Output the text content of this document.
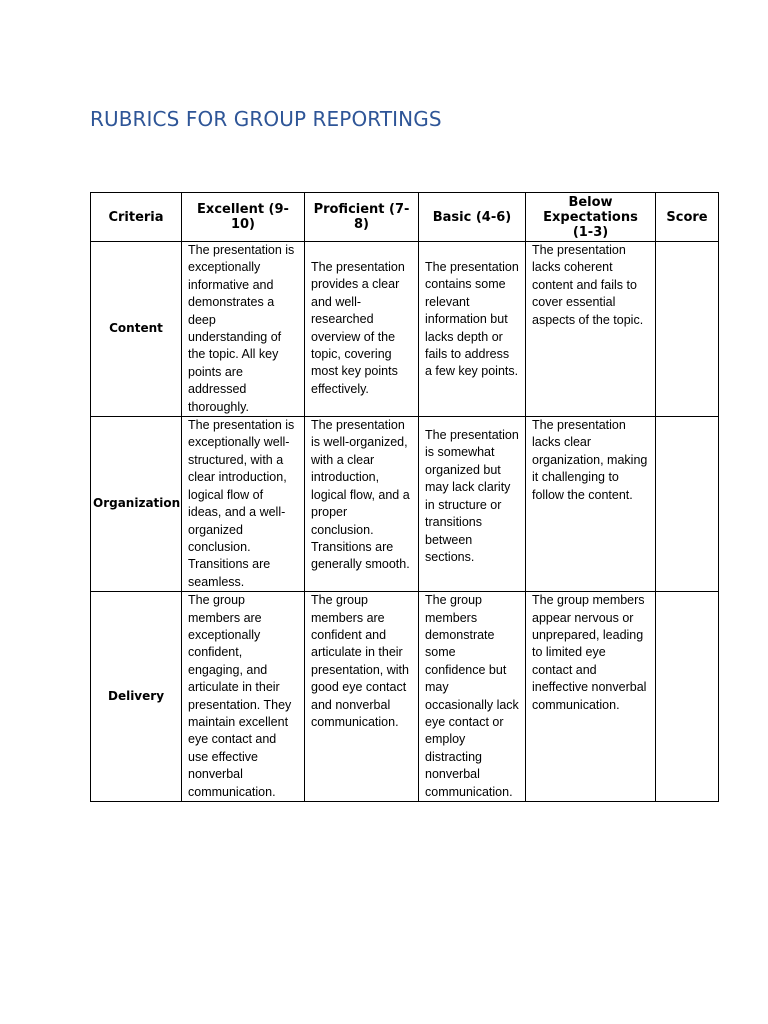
RUBRICS FOR GROUP REPORTINGS
Criteria	Excellent (9-10)	Proficient (7-8)	Basic (4-6)	Below Expectations (1-3)	Score
Content	The presentation is exceptionally informative and demonstrates a deep understanding of the topic. All key points are addressed thoroughly.	The presentation provides a clear and well-researched overview of the topic, covering most key points effectively.	The presentation contains some relevant information but lacks depth or fails to address a few key points.	The presentation lacks coherent content and fails to cover essential aspects of the topic.	

Organization	The presentation is exceptionally well-structured, with a clear introduction, logical flow of ideas, and a well-organized conclusion. Transitions are seamless.	The presentation is well-organized, with a clear introduction, logical flow, and a proper conclusion. Transitions are generally smooth.	The presentation is somewhat organized but may lack clarity in structure or transitions between sections.	The presentation lacks clear organization, making it challenging to follow the content.	

Delivery	The group members are exceptionally confident, engaging, and articulate in their presentation. They maintain excellent eye contact and use effective nonverbal communication.	The group members are confident and articulate in their presentation, with good eye contact and nonverbal communication.	The group members demonstrate some confidence but may occasionally lack eye contact or employ distracting nonverbal communication.	The group members appear nervous or unprepared, leading to limited eye contact and ineffective nonverbal communication.	
